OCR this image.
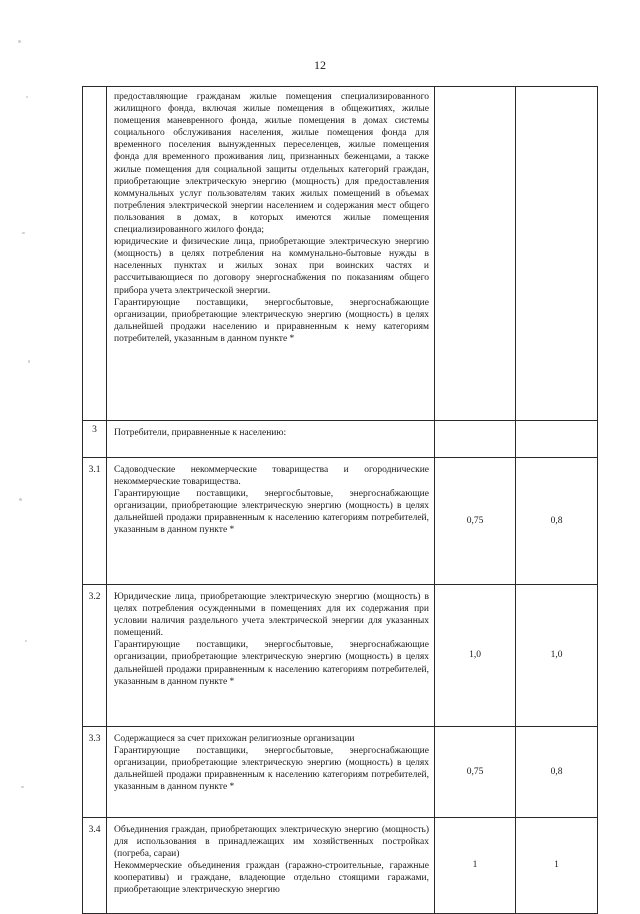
12

	предоставляющие гражданам жилые помещения специализированного жилищного фонда, включая жилые помещения в общежитиях, жилые помещения маневренного фонда, жилые помещения в домах системы социального обслуживания населения, жилые помещения фонда для временного поселения вынужденных переселенцев, жилые помещения фонда для временного проживания лиц, признанных беженцами, а также жилые помещения для социальной защиты отдельных категорий граждан, приобретающие электрическую энергию (мощность) для предоставления коммунальных услуг пользователям таких жилых помещений в объемах потребления электрической энергии населением и содержания мест общего пользования в домах, в которых имеются жилые помещения специализированного жилого фонда;

юридические и физические лица, приобретающие электрическую энергию (мощность) в целях потребления на коммунально-бытовые нужды в населенных пунктах и жилых зонах при воинских частях и рассчитывающиеся по договору энергоснабжения по показаниям общего прибора учета электрической энергии.

Гарантирующие поставщики, энергосбытовые, энергоснабжающие организации, приобретающие электрическую энергию (мощность) в целях дальнейшей продажи населению и приравненным к нему категориям потребителей, указанным в данном пункте *		

3	Потребители, приравненные к населению:		

3.1	Садоводческие некоммерческие товарищества и огороднические некоммерческие товарищества.

Гарантирующие поставщики, энергосбытовые, энергоснабжающие организации, приобретающие электрическую энергию (мощность) в целях дальнейшей продажи приравненным к населению категориям потребителей, указанным в данном пункте *	0,75	0,8
3.2	Юридические лица, приобретающие электрическую энергию (мощность) в целях потребления осужденными в помещениях для их содержания при условии наличия раздельного учета электрической энергии для указанных помещений.

Гарантирующие поставщики, энергосбытовые, энергоснабжающие организации, приобретающие электрическую энергию (мощность) в целях дальнейшей продажи приравненным к населению категориям потребителей, указанным в данном пункте *	1,0	1,0
3.3	Содержащиеся за счет прихожан религиозные организации

Гарантирующие поставщики, энергосбытовые, энергоснабжающие организации, приобретающие электрическую энергию (мощность) в целях дальнейшей продажи приравненным к населению категориям потребителей, указанным в данном пункте *	0,75	0,8
3.4	Объединения граждан, приобретающих электрическую энергию (мощность) для использования в принадлежащих им хозяйственных постройках (погреба, сараи)

Некоммерческие объединения граждан (гаражно-строительные, гаражные кооперативы) и граждане, владеющие отдельно стоящими гаражами, приобретающие электрическую энергию	1	1
